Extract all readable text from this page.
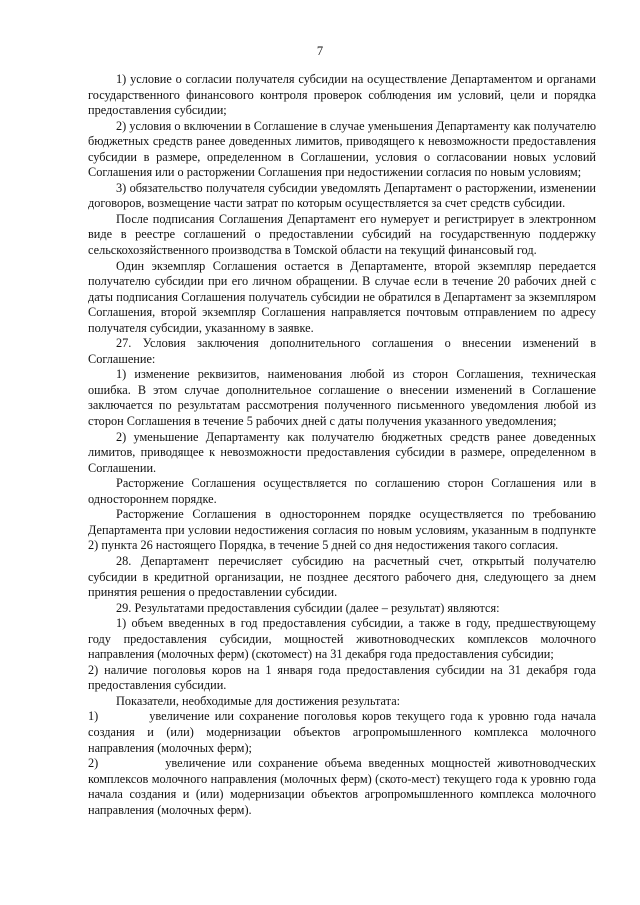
7

1) условие о согласии получателя субсидии на осуществление Департаментом и органами государственного финансового контроля проверок соблюдения им условий, цели и порядка предоставления субсидии;

2) условия о включении в Соглашение в случае уменьшения Департаменту как получателю бюджетных средств ранее доведенных лимитов, приводящего к невозможности предоставления субсидии в размере, определенном в Соглашении, условия о согласовании новых условий Соглашения или о расторжении Соглашения при недостижении согласия по новым условиям;

3) обязательство получателя субсидии уведомлять Департамент о расторжении, изменении договоров, возмещение части затрат по которым осуществляется за счет средств субсидии.

После подписания Соглашения Департамент его нумерует и регистрирует в электронном виде в реестре соглашений о предоставлении субсидий на государственную поддержку сельскохозяйственного производства в Томской области на текущий финансовый год.

Один экземпляр Соглашения остается в Департаменте, второй экземпляр передается получателю субсидии при его личном обращении. В случае если в течение 20 рабочих дней с даты подписания Соглашения получатель субсидии не обратился в Департамент за экземпляром Соглашения, второй экземпляр Соглашения направляется почтовым отправлением по адресу получателя субсидии, указанному в заявке.

27. Условия заключения дополнительного соглашения о внесении изменений в Соглашение:

1) изменение реквизитов, наименования любой из сторон Соглашения, техническая ошибка. В этом случае дополнительное соглашение о внесении изменений в Соглашение заключается по результатам рассмотрения полученного письменного уведомления любой из сторон Соглашения в течение 5 рабочих дней с даты получения указанного уведомления;

2) уменьшение Департаменту как получателю бюджетных средств ранее доведенных лимитов, приводящее к невозможности предоставления субсидии в размере, определенном в Соглашении.

Расторжение Соглашения осуществляется по соглашению сторон Соглашения или в одностороннем порядке.

Расторжение Соглашения в одностороннем порядке осуществляется по требованию Департамента при условии недостижения согласия по новым условиям, указанным в подпункте 2) пункта 26 настоящего Порядка, в течение 5 дней со дня недостижения такого согласия.

28. Департамент перечисляет субсидию на расчетный счет, открытый получателю субсидии в кредитной организации, не позднее десятого рабочего дня, следующего за днем принятия решения о предоставлении субсидии.

29. Результатами предоставления субсидии (далее – результат) являются:

1) объем введенных в год предоставления субсидии, а также в году, предшествующему году предоставления субсидии, мощностей животноводческих комплексов молочного направления (молочных ферм) (скотомест) на 31 декабря года предоставления субсидии;

2) наличие поголовья коров на 1 января года предоставления субсидии на 31 декабря года предоставления субсидии.

Показатели, необходимые для достижения результата:

1)          увеличение или сохранение поголовья коров текущего года к уровню года начала создания и (или) модернизации объектов агропромышленного комплекса молочного направления (молочных ферм);

2)          увеличение или сохранение объема введенных мощностей животноводческих комплексов молочного направления (молочных ферм) (ското-мест) текущего года к уровню года начала создания и (или) модернизации объектов агропромышленного комплекса молочного направления (молочных ферм).
